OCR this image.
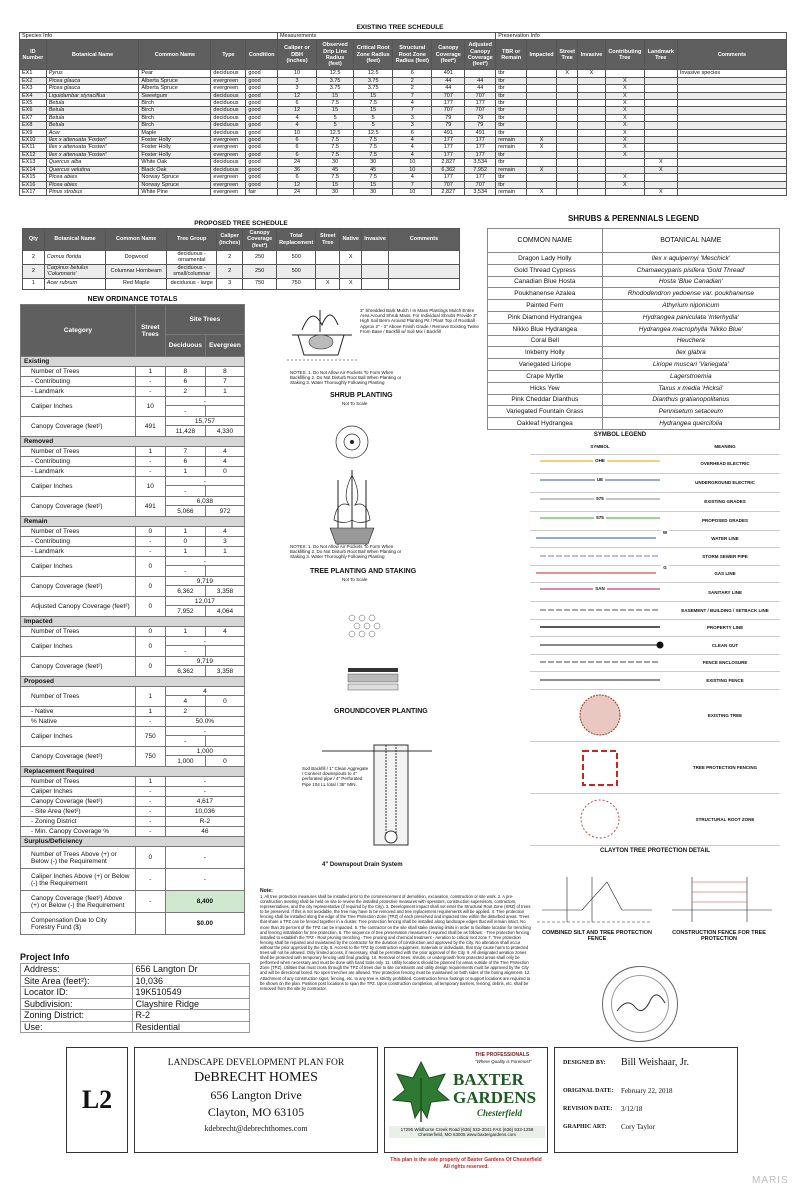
EXISTING TREE SCHEDULE
Species Info					Measurements						Preservation Info						
ID Number	Botanical Name	Common Name	Type	Condition	Caliper or DBH (inches)	Observed Drip Line Radius (feet)	Critical Root Zone Radius (feet)	Structural Root Zone Radius (feet)	Canopy Coverage (feet²)	Adjusted Canopy Coverage (feet²)	TBR or Remain	Impacted	Street Tree	Invasive	Contributing Tree	Landmark Tree	Comments
EX1	Pyrus	Pear	deciduous	good	10	12.5	12.5	6	491		tbr		X	X			Invasive species
EX2	Picea glauca	Alberta Spruce	evergreen	good	3	3.75	3.75	2	44	44	tbr				X		
EX3	Picea glauca	Alberta Spruce	evergreen	good	3	3.75	3.75	2	44	44	tbr				X		
EX4	Liquidambar styraciflua	Sweetgum	deciduous	good	12	15	15	7	707	707	tbr				X		
EX5	Betula	Birch	deciduous	good	6	7.5	7.5	4	177	177	tbr				X		
EX6	Betula	Birch	deciduous	good	12	15	15	7	707	707	tbr				X		
EX7	Betula	Birch	deciduous	good	4	5	5	3	79	79	tbr				X		
EX8	Betula	Birch	deciduous	good	4	5	5	3	79	79	tbr				X		
EX9	Acer	Maple	deciduous	good	10	12.5	12.5	6	491	491	tbr				X		
EX10	Ilex x attenuata 'Fosteri'	Foster Holly	evergreen	good	6	7.5	7.5	4	177	177	remain	X			X		
EX11	Ilex x attenuata 'Fosteri'	Foster Holly	evergreen	good	6	7.5	7.5	4	177	177	remain	X			X		
EX12	Ilex x attenuata 'Fosteri'	Foster Holly	evergreen	good	6	7.5	7.5	4	177	177	tbr				X		
EX13	Quercus alba	White Oak	deciduous	good	24	30	30	10	2,827	3,534	tbr					X	
EX14	Quercus velutina	Black Oak	deciduous	good	36	45	45	10	6,362	7,952	remain	X				X	
EX15	Picea abies	Norway Spruce	evergreen	good	6	7.5	7.5	4	177	177	tbr				X		
EX16	Picea abies	Norway Spruce	evergreen	good	12	15	15	7	707	707	tbr				X		
EX17	Pinus strobus	White Pine	evergreen	fair	24	30	30	10	2,827	3,534	remain	X				X	
PROPOSED TREE SCHEDULE
Qty	Botanical Name	Common Name	Tree Group	Caliper (inches)	Canopy Coverage (feet²)	Total Replacement	Street Tree	Native	Invasive	Comments
2	Cornus florida	Dogwood	deciduous - ornamental	2	250	500		X		
2	Carpinus betulus 'Columnaris'	Columnar Hornbeam	deciduous - small/columnar	2	250	500				
1	Acer rubrum	Red Maple	deciduous - large	3	750	750	X	X		
NEW ORDINANCE TOTALS
Category	Street Trees	Site Trees	
		Deciduous	Evergreen
Existing			
Number of Trees	1	8	8
- Contributing	-	6	7
- Landmark	-	2	1
Caliper Inches	10	-	
		-	
Canopy Coverage (feet²)	491	15,757	
		11,428	4,330
Removed			
Number of Trees	1	7	4
- Contributing	-	6	4
- Landmark	-	1	0
Caliper Inches	10	-	
		-	
Canopy Coverage (feet²)	491	6,038	
		5,066	972
Remain			
Number of Trees	0	1	4
- Contributing	-	0	3
- Landmark	-	1	1
Caliper Inches	0	-	
		-	
Canopy Coverage (feet²)	0	9,719	
		6,362	3,358
Adjusted Canopy Coverage (feet²)	0	12,017	
		7,952	4,064
Impacted			
Number of Trees	0	1	4
Caliper Inches	0	-	
		-	
Canopy Coverage (feet²)	0	9,719	
		6,362	3,358
Proposed			
Number of Trees	1	4	
		4	0
- Native	1	2	
% Native	-	50.0%	
Caliper Inches	750	-	
		-	
Canopy Coverage (feet²)	750	1,000	
		1,000	0
Replacement Required			
Number of Trees	1	-	
Caliper Inches	-	-	
Canopy Coverage (feet²)	-	4,617	
- Site Area (feet²)	-	10,036	
- Zoning District	-	R-2	
- Min. Canopy Coverage %	-	46	
Surplus/Deficiency			
Number of Trees Above (+) or Below (-) the Requirement	0	-	
Caliper Inches Above (+) or Below (-) the Requirement	-	-	
Canopy Coverage (feet²) Above (+) or Below (-) the Requirement	-	8,400	
Compensation Due to City Forestry Fund ($)		$0.00	
3" Shredded Bark Mulch / In Mass Plantings Mulch Entire Area Around Shrub Mass. For Individual Shrubs Provide 3" High Soil Berm Around Planting Pit / Plant Top of Rootball Approx 2" - 3" Above Finish Grade / Remove Existing Twine From Base / Backfill w/ Soil Mix / Backfill
NOTES: 1. Do Not Allow Air Pockets To Form When Backfilling 2. Do Not Disturb Root Ball When Planting or Staking 3. Water Thoroughly Following Planting
SHRUB PLANTING
Not To Scale
NOTES: 1. Do Not Allow Air Pockets To Form When Backfilling 2. Do Not Disturb Root Ball When Planting or Staking 3. Water Thoroughly Following Planting
TREE PLANTING AND STAKING
Not To Scale
GROUNDCOVER PLANTING
Sod Backfill / 1" Clean Aggregate / Connect downspouts to 4" perforated pipe / 4" Perforated Pipe 104 LL total / 36" MIN.
4" Downspout Drain System
SHRUBS & PERENNIALS LEGEND
COMMON NAME	BOTANICAL NAME
Dragon Lady Holly	Ilex x aquipernyi 'Meschick'
Gold Thread Cypress	Chamaecyparis pisifera 'Gold Thread'
Canadian Blue Hosta	Hosta 'Blue Canadian'
Poukhanense Azalea	Rhododendron yedoense var. poukhanense
Painted Fern	Athyrium niponicum
Pink Diamond Hydrangea	Hydrangea paniculata 'Interhydia'
Nikko Blue Hydrangea	Hydrangea macrophylla 'Nikko Blue'
Coral Bell	Heuchera
Inkberry Holly	Ilex glabra
Variegated Liriope	Liriope muscari 'Variegata'
Crape Myrtle	Lagerstroemia
Hicks Yew	Taxus x media 'Hicksii'
Pink Cheddar Dianthus	Dianthus gratianopolitanus
Variegated Fountain Grass	Pennisetum setaceum
Oakleaf Hydrangea	Hydrangea quercifolia
SYMBOL LEGEND
SYMBOL	MEANING
OHE	OVERHEAD ELECTRIC
UE	UNDERGROUND ELECTRIC
575	EXISTING GRADES
575	PROPOSED GRADES
W	WATER LINE
	STORM SEWER PIPE
G	GAS LINE
SAN	SANITARY LINE
	EASEMENT / BUILDING / SETBACK LINE
	PROPERTY LINE
	CLEAN OUT
	FENCE ENCLOSURE
	EXISTING FENCE
	EXISTING TREE
	TREE PROTECTION FENCING
	STRUCTURAL ROOT ZONE
CLAYTON TREE PROTECTION DETAIL
COMBINED SILT AND TREE PROTECTION FENCE
CONSTRUCTION FENCE FOR TREE PROTECTION
Note:
1. All tree protection measures shall be installed prior to the commencement of demolition, excavation, construction or site work. 2. A pre-construction meeting shall be held on site to review the installed protective measures with operators, construction supervisors, contractors, representatives, and the city representative (if required by the City). 3. Development impact shall not enter the Structural Root Zone (SRZ) of trees to be preserved. If this is not avoidable, the tree may have to be removed and tree replacement requirements will be applied. 4. Tree protection fencing shall be installed along the edge of the Tree Protection Zone (TPZ) of each preserved and impacted tree within the disturbed areas. Trees that share a TPZ can be fenced together in a cluster. Tree protection fencing shall be installed along landscape edges that will remain intact. No more than 25 percent of the TPZ can be impacted. 5. The contractor on the site shall stake clearing limits in order to facilitate location for trenching and fencing installation for tree protection. 6. The sequence of tree preservation measures if required shall be as follows: - Tree protection fencing installed to establish the TPZ - Root pruning trenching - Tree pruning and chemical treatment - Aeration to critical root zone 7. Tree protection fencing shall be repaired and maintained by the contractor for the duration of construction and approved by the City. No alteration shall occur without the prior approval by the City. 8. Access to the TPZ by construction equipment, materials or individuals, that may cause harm to protected trees will not be allowed. Only limited access, if necessary, shall be permitted with the prior approval of the City. 9. All designated aeration zones shall be protected with temporary fencing until final grading. 10. Removal of trees, shrubs, or undergrowth from protected areas shall only be performed when necessary and must be done with hand tools only. 11. Utility locations should be planned for areas outside of the Tree Protection Zone (TPZ). Utilities that must cross through the TPZ of trees due to site constraints and utility design requirements must be approved by the City and will be directional bored. No open trenches are allowed. Tree protection fencing must be maintained on both sides of the boring alignment. 12. Attachment of any construction signs, fencing, etc. to any tree is strictly prohibited. Construction fence footings or support locations are required to be shown on the plan. Position post locations to span the TPZ. Upon construction completion, all temporary barriers, fencing, debris, etc. shall be removed from the site by contractor.
Project Info
Address:	656 Langton Dr
Site Area (feet²):	10,036
Locator ID:	19K510549
Subdivision:	Clayshire Ridge
Zoning District:	R-2
Use:	Residential
L2
LANDSCAPE DEVELOPMENT PLAN FOR
DeBRECHT HOMES
656 Langton Drive
Clayton, MO 63105
kdebrecht@debrechthomes.com
THE PROFESSIONALS
"Where Quality is Foremost"
BAXTER
GARDENS
Chesterfield
17295 Wildhorse Creek Road (636) 532-3041 FAX (636) 532-1258 Chesterfield, MO 63005 www.baxtergardens.com
DESIGNED BY: Bill Weishaar, Jr.
ORIGINAL DATE: February 22, 2018
REVISION DATE: 3/12/18
GRAPHIC ART: Cory Taylor
This plan is the sole property of Baxter Gardens Of Chesterfield
All rights reserved.
MARIS
